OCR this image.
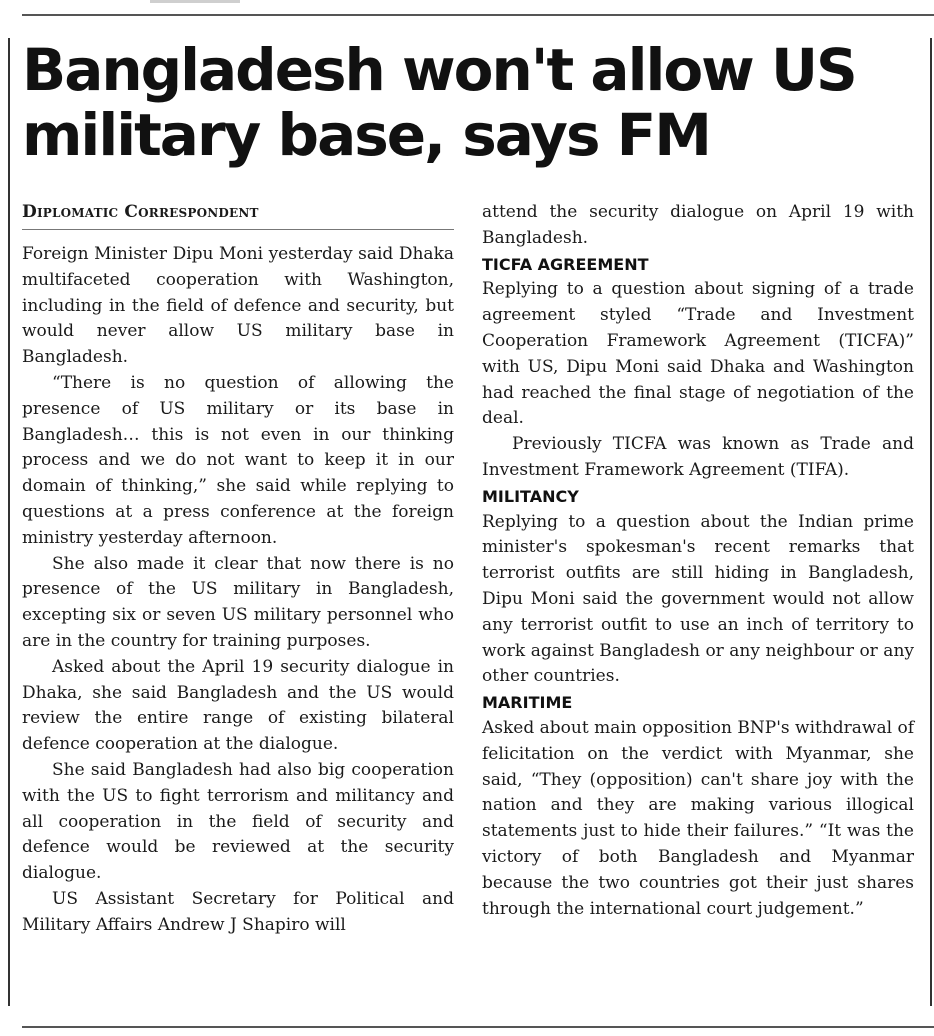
Bangladesh won't allow US military base, says FM
Diplomatic Correspondent

Foreign Minister Dipu Moni yesterday said Dhaka multifaceted cooperation with Washington, including in the field of defence and security, but would never allow US military base in Bangladesh.

“There is no question of allowing the presence of US military or its base in Bangladesh… this is not even in our thinking process and we do not want to keep it in our domain of thinking,” she said while replying to questions at a press conference at the foreign ministry yesterday afternoon.

She also made it clear that now there is no presence of the US military in Bangladesh, excepting six or seven US military personnel who are in the country for training purposes.

Asked about the April 19 security dialogue in Dhaka, she said Bangladesh and the US would review the entire range of existing bilateral defence cooperation at the dialogue.

She said Bangladesh had also big cooperation with the US to fight terrorism and militancy and all cooperation in the field of security and defence would be reviewed at the security dialogue.

US Assistant Secretary for Political and Military Affairs Andrew J Shapiro will

attend the security dialogue on April 19 with Bangladesh.

TICFA AGREEMENT

Replying to a question about signing of a trade agreement styled “Trade and Investment Cooperation Framework Agreement (TICFA)” with US, Dipu Moni said Dhaka and Washington had reached the final stage of negotiation of the deal.

Previously TICFA was known as Trade and Investment Framework Agreement (TIFA).

MILITANCY

Replying to a question about the Indian prime minister's spokesman's recent remarks that terrorist outfits are still hiding in Bangladesh, Dipu Moni said the government would not allow any terrorist outfit to use an inch of territory to work against Bangladesh or any neighbour or any other countries.

MARITIME

Asked about main opposition BNP's withdrawal of felicitation on the verdict with Myanmar, she said, “They (opposition) can't share joy with the nation and they are making various illogical statements just to hide their failures.” “It was the victory of both Bangladesh and Myanmar because the two countries got their just shares through the international court judgement.”
